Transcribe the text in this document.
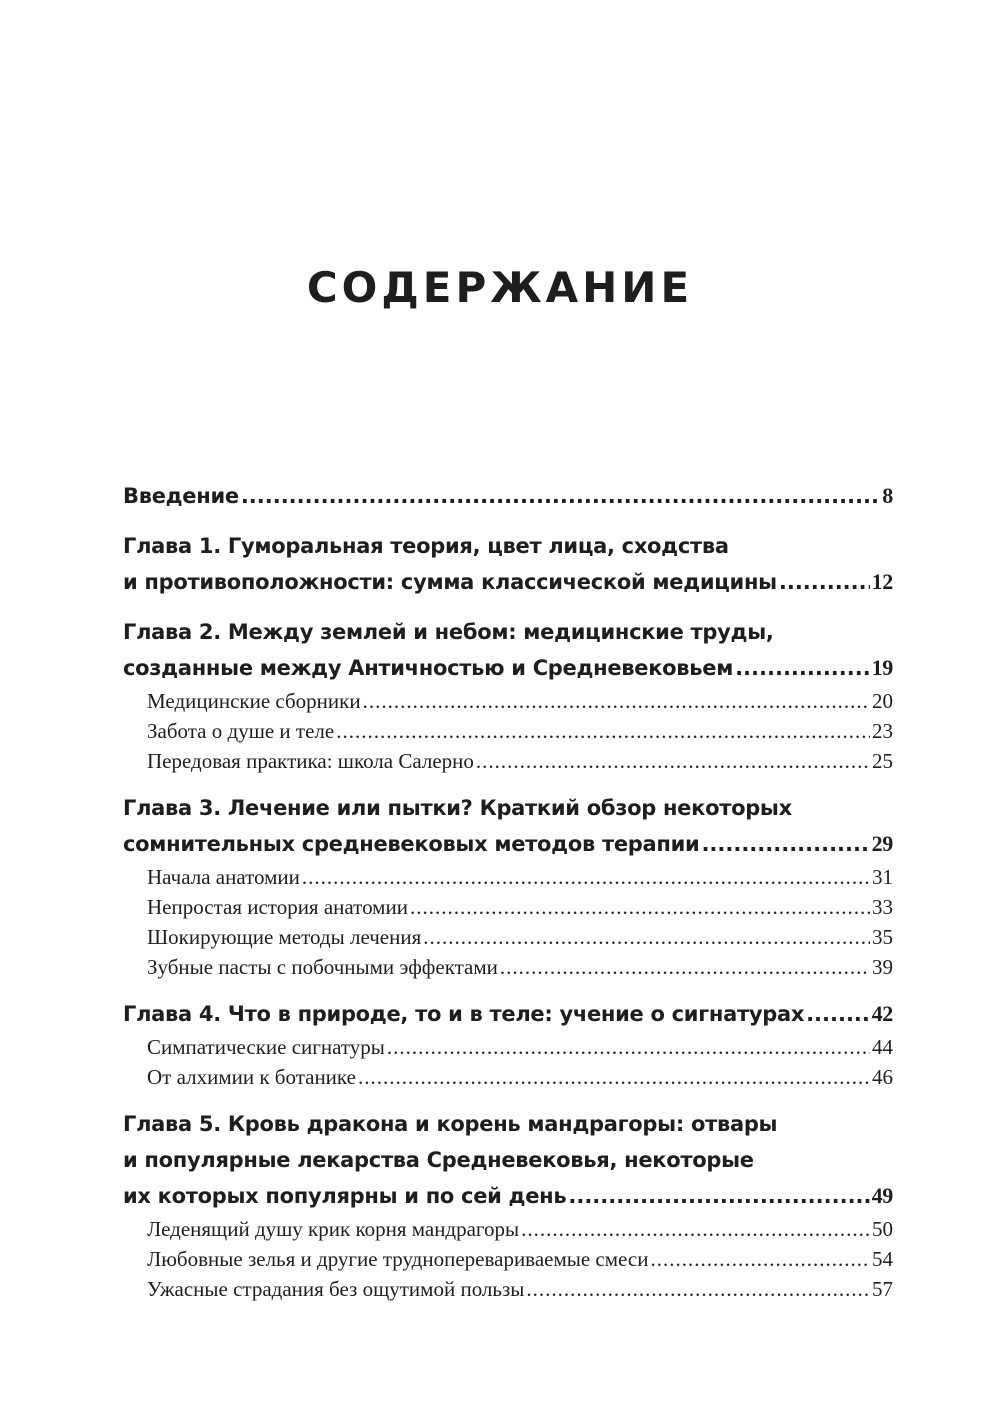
СОДЕРЖАНИЕ
Введение .....	8
Глава 1. Гуморальная теория, цвет лица, сходства
и противоположности: сумма классической медицины .....	12
Глава 2. Между землей и небом: медицинские труды,
созданные между Античностью и Средневековьем .....	19
Медицинские сборники .....	20
Забота о душе и теле .....	23
Передовая практика: школа Салерно .....	25
Глава 3. Лечение или пытки? Краткий обзор некоторых
сомнительных средневековых методов терапии .....	29
Начала анатомии .....	31
Непростая история анатомии .....	33
Шокирующие методы лечения .....	35
Зубные пасты с побочными эффектами .....	39
Глава 4. Что в природе, то и в теле: учение о сигнатурах .....	42
Симпатические сигнатуры .....	44
От алхимии к ботанике .....	46
Глава 5. Кровь дракона и корень мандрагоры: отвары
и популярные лекарства Средневековья, некоторые
их которых популярны и по сей день .....	49
Леденящий душу крик корня мандрагоры .....	50
Любовные зелья и другие трудноперевариваемые смеси .....	54
Ужасные страдания без ощутимой пользы .....	57
